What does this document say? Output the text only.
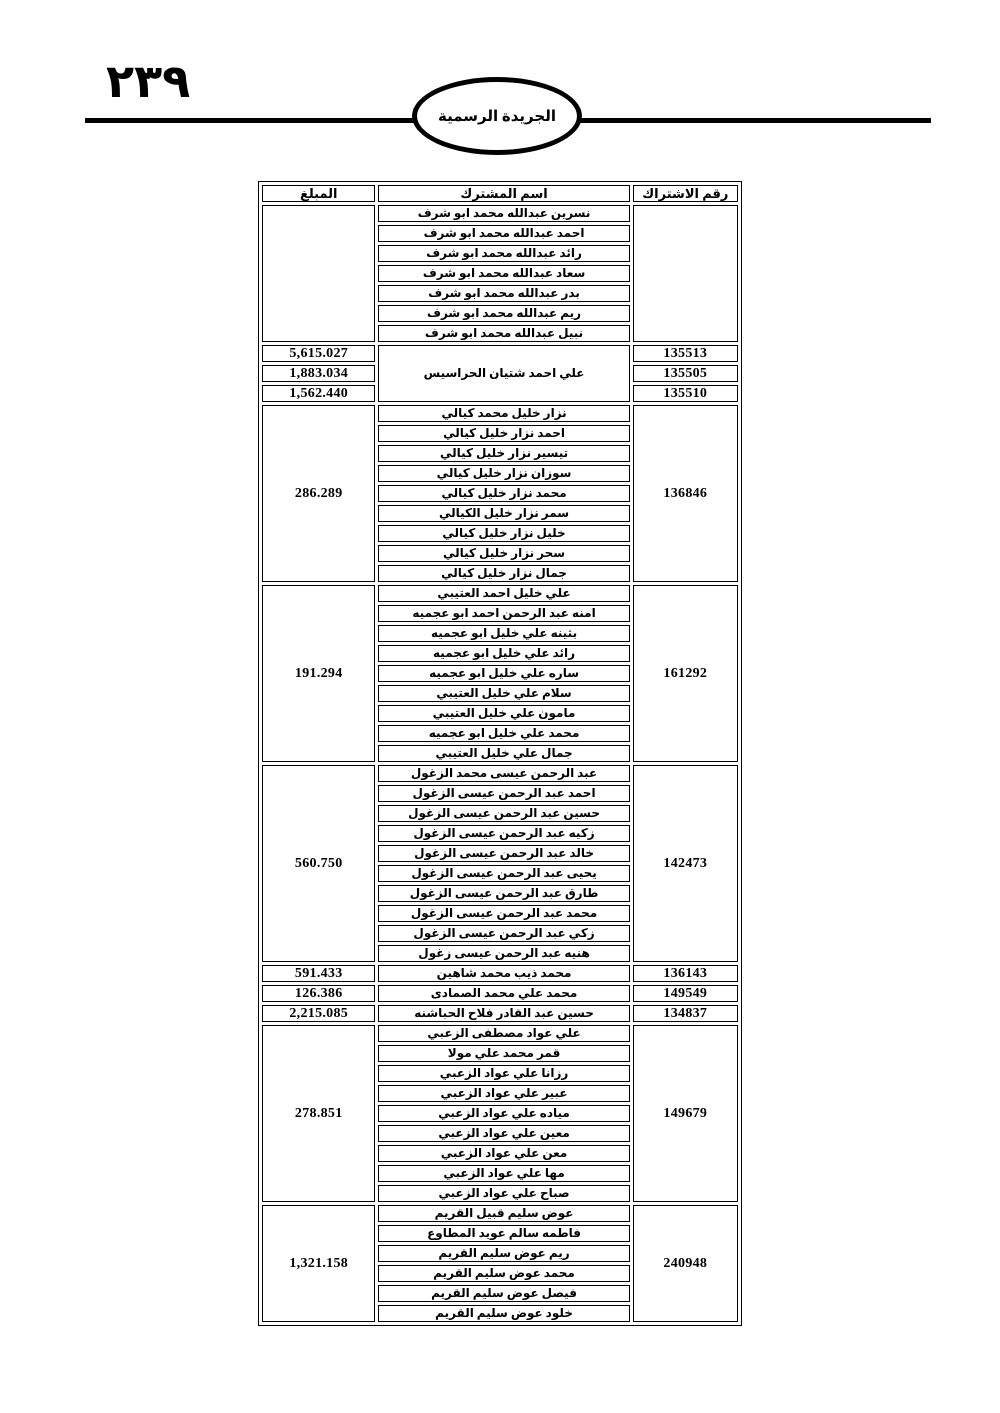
٢٣٩
الجريدة الرسمية
رقم الاشتراك	اسم المشترك	المبلغ
	نسرين عبدالله محمد ابو شرف	
	احمد عبدالله محمد ابو شرف	
	رائد عبدالله محمد ابو شرف	
	سعاد عبدالله محمد ابو شرف	
	بدر عبدالله محمد ابو شرف	
	ريم عبدالله محمد ابو شرف	
	نبيل عبدالله محمد ابو شرف	
135513	علي احمد شتيان الحراسيس	5,615.027
135505		1,883.034
135510		1,562.440
136846	نزار خليل محمد كيالي	286.289
	احمد نزار خليل كيالي	
	تيسير نزار خليل كيالي	
	سوزان نزار خليل كيالي	
	محمد نزار خليل كيالي	
	سمر نزار خليل الكيالي	
	خليل نزار خليل كيالي	
	سحر نزار خليل كيالي	
	جمال نزار خليل كيالي	
161292	علي خليل احمد العتيبي	191.294
	امنه عبد الرحمن احمد ابو عجميه	
	بثينه علي خليل ابو عجميه	
	رائد علي خليل ابو عجميه	
	ساره علي خليل ابو عجميه	
	سلام علي خليل العتيبي	
	مامون علي خليل العتيبي	
	محمد علي خليل ابو عجميه	
	جمال علي خليل العتيبي	
142473	عبد الرحمن عيسى محمد الزغول	560.750
	احمد عبد الرحمن عيسى الزغول	
	حسين عبد الرحمن عيسى الزغول	
	زكيه عبد الرحمن عيسى الزغول	
	خالد عبد الرحمن عيسى الزغول	
	يحيى عبد الرحمن عيسى الزغول	
	طارق عبد الرحمن عيسى الزغول	
	محمد عبد الرحمن عيسى الزغول	
	زكي عبد الرحمن عيسى الزغول	
	هنيه عبد الرحمن عيسى زغول	
136143	محمد ذيب محمد شاهين	591.433
149549	محمد علي محمد الصمادى	126.386
134837	حسين عبد القادر فلاح الحباشنه	2,215.085
149679	علي عواد مصطفى الزعبي	278.851
	قمر محمد علي مولا	
	رزانا علي عواد الزعبي	
	عبير علي عواد الزعبي	
	مياده علي عواد الزعبي	
	معين علي عواد الزعبي	
	معن علي عواد الزعبي	
	مها علي عواد الزعبي	
	صباح علي عواد الزعبي	
240948	عوض سليم قبيل القريم	1,321.158
	فاطمه سالم عويد المطاوع	
	ريم عوض سليم القريم	
	محمد عوض سليم القريم	
	فيصل عوض سليم القريم	
	خلود عوض سليم القريم	
